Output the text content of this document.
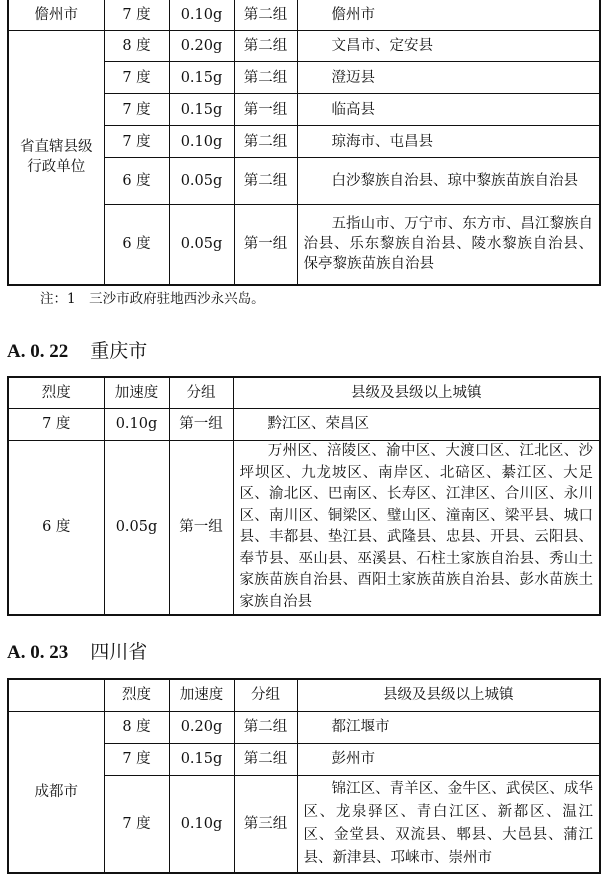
儋州市	7 度	0.10g	第二组	儋州市
省直辖县级行政单位	8 度	0.20g	第二组	文昌市、定安县
	7 度	0.15g	第二组	澄迈县
	7 度	0.15g	第一组	临高县
	7 度	0.10g	第二组	琼海市、屯昌县
	6 度	0.05g	第二组	白沙黎族自治县、琼中黎族苗族自治县
	6 度	0.05g	第一组	五指山市、万宁市、东方市、昌江黎族自治县、乐东黎族自治县、陵水黎族自治县、保亭黎族苗族自治县
注：1　三沙市政府驻地西沙永兴岛。
A. 0. 22 重庆市
烈度	加速度	分组	县级及县级以上城镇
7 度	0.10g	第一组	黔江区、荣昌区
6 度	0.05g	第一组	万州区、涪陵区、渝中区、大渡口区、江北区、沙坪坝区、九龙坡区、南岸区、北碚区、綦江区、大足区、渝北区、巴南区、长寿区、江津区、合川区、永川区、南川区、铜梁区、璧山区、潼南区、梁平县、城口县、丰都县、垫江县、武隆县、忠县、开县、云阳县、奉节县、巫山县、巫溪县、石柱土家族自治县、秀山土家族苗族自治县、酉阳土家族苗族自治县、彭水苗族土家族自治县
A. 0. 23 四川省
	烈度	加速度	分组	县级及县级以上城镇
成都市	8 度	0.20g	第二组	都江堰市
	7 度	0.15g	第二组	彭州市
	7 度	0.10g	第三组	锦江区、青羊区、金牛区、武侯区、成华区、龙泉驿区、青白江区、新都区、温江区、金堂县、双流县、郫县、大邑县、蒲江县、新津县、邛崃市、崇州市
